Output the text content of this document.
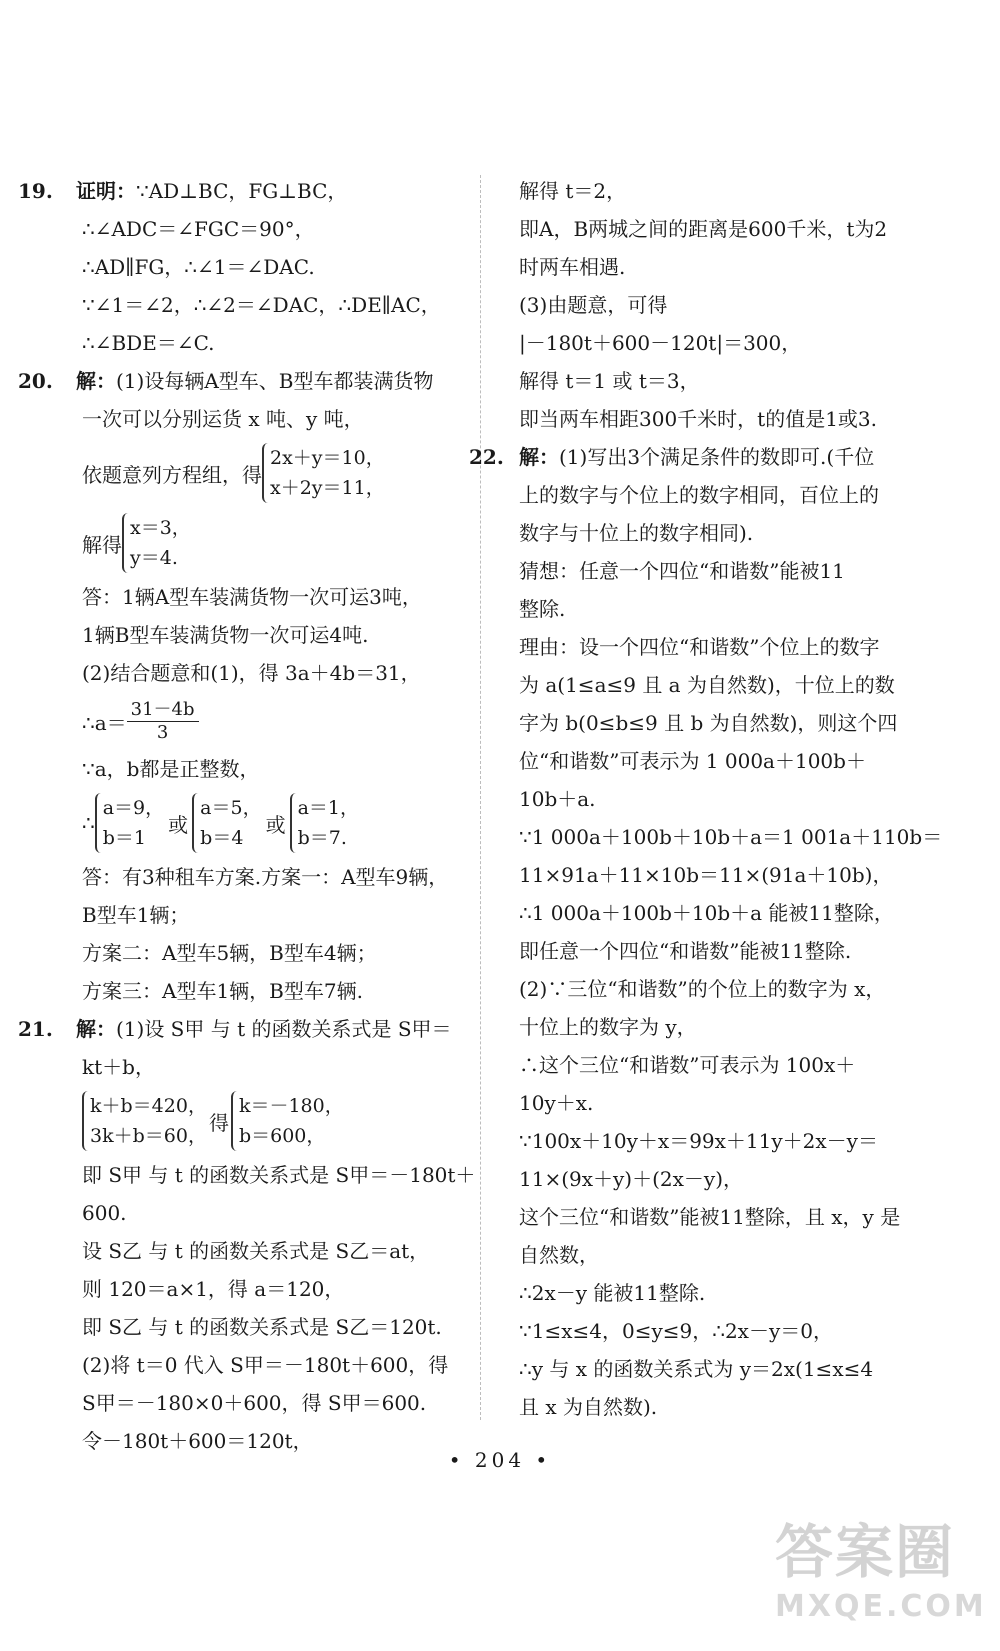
19. 证明：∵AD⊥BC，FG⊥BC，
∴∠ADC＝∠FGC＝90°，
∴AD∥FG，∴∠1＝∠DAC.
∵∠1＝∠2，∴∠2＝∠DAC，∴DE∥AC，
∴∠BDE＝∠C.
20. 解：(1)设每辆A型车、B型车都装满货物
一次可以分别运货 x 吨、y 吨，
依题意列方程组，得
2x＋y＝10，
x＋2y＝11，
解得
x＝3，
y＝4.
答：1辆A型车装满货物一次可运3吨，
1辆B型车装满货物一次可运4吨.
(2)结合题意和(1)，得 3a＋4b＝31，
∴a＝ $\frac{31-4b}{3}$
∵a，b都是正整数，
∴
a＝9，
b＝1
或
a＝5，
b＝4
或
a＝1，
b＝7.
答：有3种租车方案.方案一：A型车9辆，
B型车1辆；
方案二：A型车5辆，B型车4辆；
方案三：A型车1辆，B型车7辆.
21. 解：(1)设 S甲 与 t 的函数关系式是 S甲＝
kt＋b，
k＋b＝420，
3k＋b＝60，
得
k＝－180，
b＝600，
即 S甲 与 t 的函数关系式是 S甲＝－180t＋
600.
设 S乙 与 t 的函数关系式是 S乙＝at，
则 120＝a×1，得 a＝120，
即 S乙 与 t 的函数关系式是 S乙＝120t.
(2)将 t＝0 代入 S甲＝－180t＋600，得
S甲＝－180×0＋600，得 S甲＝600.
令－180t＋600＝120t，
解得 t＝2，
即A，B两城之间的距离是600千米，t为2
时两车相遇.
(3)由题意，可得
|－180t＋600－120t|＝300，
解得 t＝1 或 t＝3，
即当两车相距300千米时，t的值是1或3.
22. 解：(1)写出3个满足条件的数即可.(千位
上的数字与个位上的数字相同，百位上的
数字与十位上的数字相同).
猜想：任意一个四位“和谐数”能被11
整除.
理由：设一个四位“和谐数”个位上的数字
为 a(1≤a≤9 且 a 为自然数)，十位上的数
字为 b(0≤b≤9 且 b 为自然数)，则这个四
位“和谐数”可表示为 1 000a＋100b＋
10b＋a.
∵1 000a＋100b＋10b＋a＝1 001a＋110b＝
11×91a＋11×10b＝11×(91a＋10b)，
∴1 000a＋100b＋10b＋a 能被11整除，
即任意一个四位“和谐数”能被11整除.
(2)∵三位“和谐数”的个位上的数字为 x，
十位上的数字为 y，
∴这个三位“和谐数”可表示为 100x＋
10y＋x.
∵100x＋10y＋x＝99x＋11y＋2x－y＝
11×(9x＋y)＋(2x－y)，
这个三位“和谐数”能被11整除，且 x，y 是
自然数，
∴2x－y 能被11整除.
∵1≤x≤4，0≤y≤9，∴2x－y＝0，
∴y 与 x 的函数关系式为 y＝2x(1≤x≤4
且 x 为自然数).
• 204 •
答案圈
MXQE.COM
